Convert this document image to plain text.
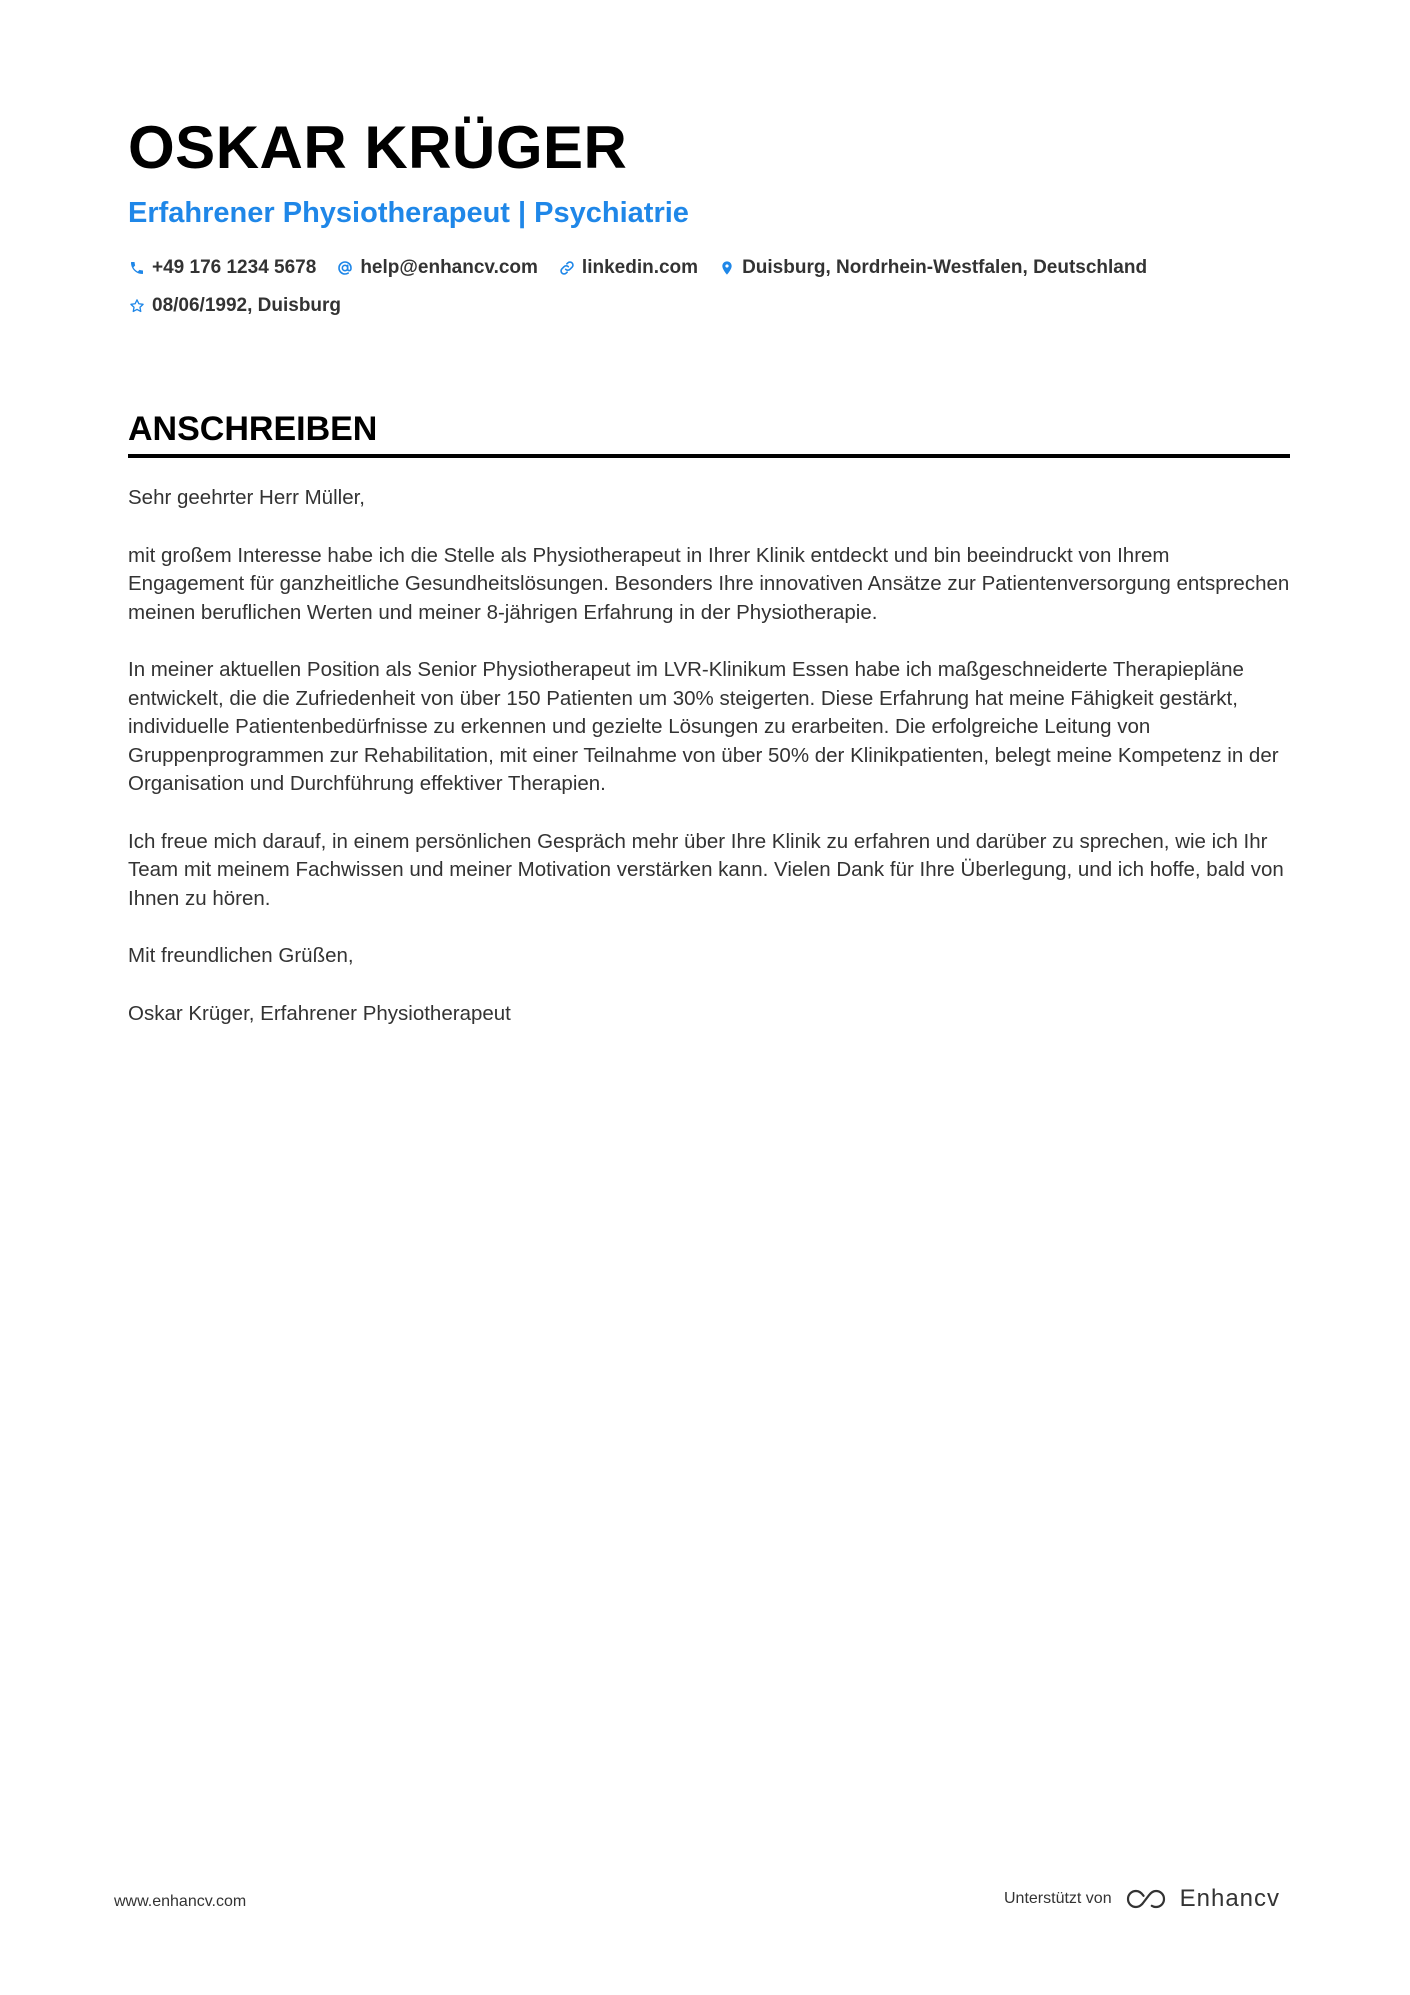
OSKAR KRÜGER
Erfahrener Physiotherapeut | Psychiatrie
+49 176 1234 5678 help@enhancv.com linkedin.com Duisburg, Nordrhein-Westfalen, Deutschland
08/06/1992, Duisburg
ANSCHREIBEN

Sehr geehrter Herr Müller,

mit großem Interesse habe ich die Stelle als Physiotherapeut in Ihrer Klinik entdeckt und bin beeindruckt von Ihrem Engagement für ganzheitliche Gesundheitslösungen. Besonders Ihre innovativen Ansätze zur Patientenversorgung entsprechen meinen beruflichen Werten und meiner 8-jährigen Erfahrung in der Physiotherapie.

In meiner aktuellen Position als Senior Physiotherapeut im LVR-Klinikum Essen habe ich maßgeschneiderte Therapiepläne entwickelt, die die Zufriedenheit von über 150 Patienten um 30% steigerten. Diese Erfahrung hat meine Fähigkeit gestärkt, individuelle Patientenbedürfnisse zu erkennen und gezielte Lösungen zu erarbeiten. Die erfolgreiche Leitung von Gruppenprogrammen zur Rehabilitation, mit einer Teilnahme von über 50% der Klinikpatienten, belegt meine Kompetenz in der Organisation und Durchführung effektiver Therapien.

Ich freue mich darauf, in einem persönlichen Gespräch mehr über Ihre Klinik zu erfahren und darüber zu sprechen, wie ich Ihr Team mit meinem Fachwissen und meiner Motivation verstärken kann. Vielen Dank für Ihre Überlegung, und ich hoffe, bald von Ihnen zu hören.

Mit freundlichen Grüßen,

Oskar Krüger, Erfahrener Physiotherapeut

www.enhancv.com	Unterstützt von	Enhancv
